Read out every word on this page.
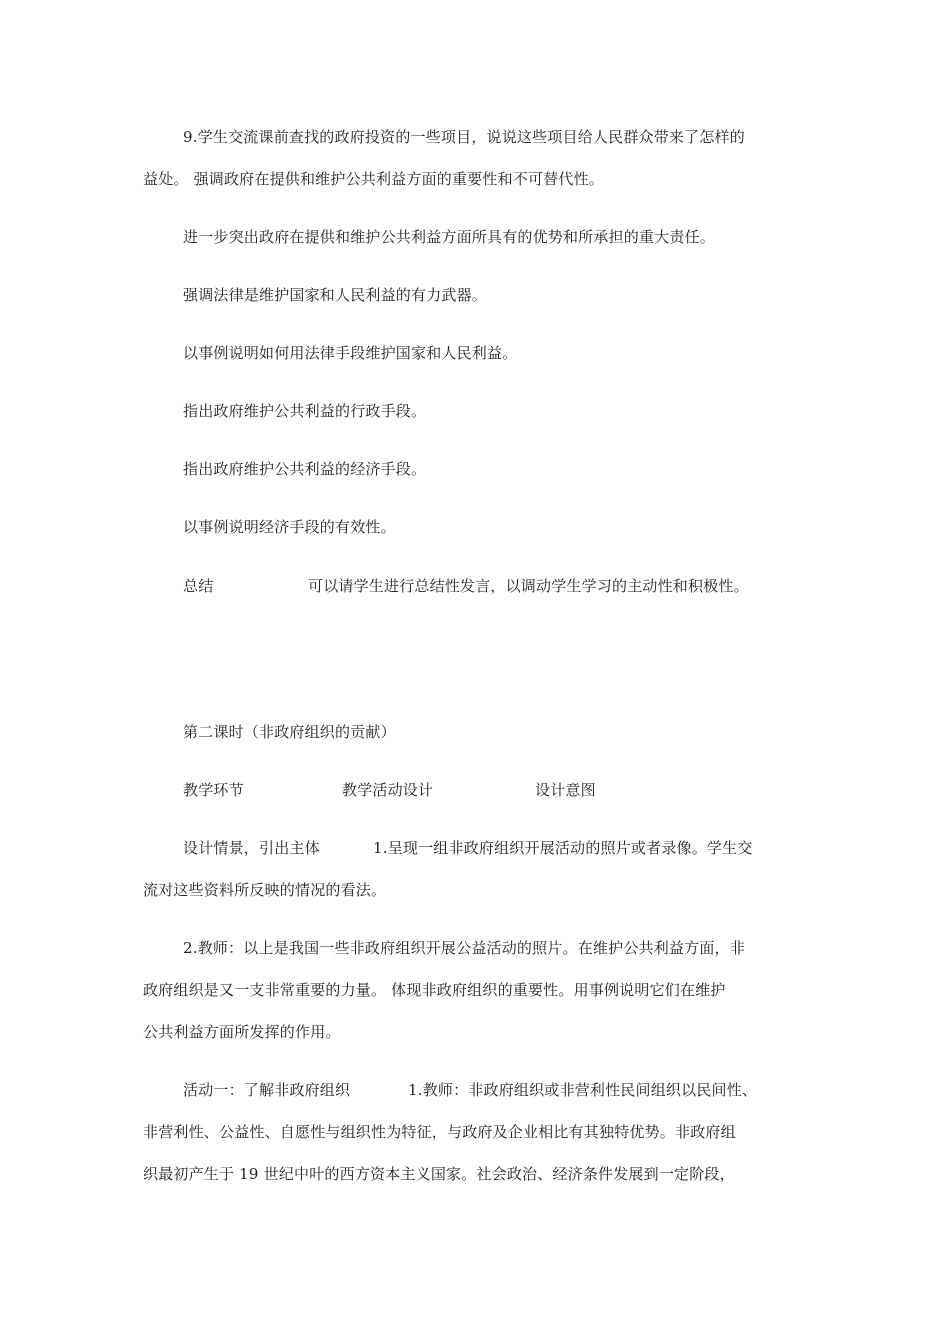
9.学生交流课前查找的政府投资的一些项目，说说这些项目给人民群众带来了怎样的
益处。 强调政府在提供和维护公共利益方面的重要性和不可替代性。
进一步突出政府在提供和维护公共利益方面所具有的优势和所承担的重大责任。
强调法律是维护国家和人民利益的有力武器。
以事例说明如何用法律手段维护国家和人民利益。
指出政府维护公共利益的行政手段。
指出政府维护公共利益的经济手段。
以事例说明经济手段的有效性。
总结	可以请学生进行总结性发言，以调动学生学习的主动性和积极性。
第二课时（非政府组织的贡献）
教学环节	教学活动设计	设计意图
设计情景，引出主体	1.呈现一组非政府组织开展活动的照片或者录像。学生交
流对这些资料所反映的情况的看法。
2.教师：以上是我国一些非政府组织开展公益活动的照片。在维护公共利益方面，非
政府组织是又一支非常重要的力量。 体现非政府组织的重要性。用事例说明它们在维护
公共利益方面所发挥的作用。
活动一：了解非政府组织	1.教师：非政府组织或非营利性民间组织以民间性、
非营利性、公益性、自愿性与组织性为特征，与政府及企业相比有其独特优势。非政府组
织最初产生于 19 世纪中叶的西方资本主义国家。社会政治、经济条件发展到一定阶段，
